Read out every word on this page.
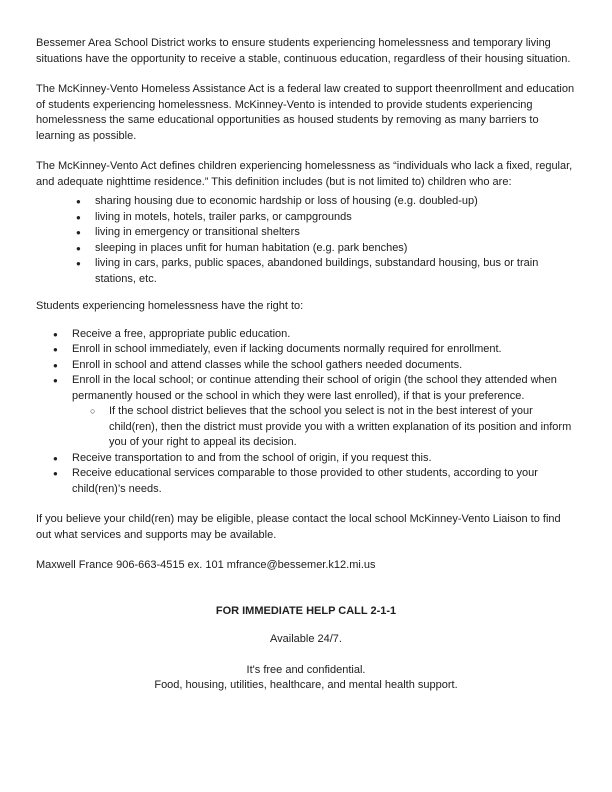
Bessemer Area School District works to ensure students experiencing homelessness and temporary living situations have the opportunity to receive a stable, continuous education, regardless of their housing situation.

The McKinney-Vento Homeless Assistance Act is a federal law created to support theenrollment and education of students experiencing homelessness. McKinney-Vento is intended to provide students experiencing homelessness the same educational opportunities as housed students by removing as many barriers to learning as possible.

The McKinney-Vento Act defines children experiencing homelessness as “individuals who lack a fixed, regular, and adequate nighttime residence.” This definition includes (but is not limited to) children who are:

● sharing housing due to economic hardship or loss of housing (e.g. doubled-up)
● living in motels, hotels, trailer parks, or campgrounds
● living in emergency or transitional shelters
● sleeping in places unfit for human habitation (e.g. park benches)
● living in cars, parks, public spaces, abandoned buildings, substandard housing, bus or train stations, etc.

Students experiencing homelessness have the right to:

● Receive a free, appropriate public education.
● Enroll in school immediately, even if lacking documents normally required for enrollment.
● Enroll in school and attend classes while the school gathers needed documents.
● Enroll in the local school; or continue attending their school of origin (the school they attended when permanently housed or the school in which they were last enrolled), if that is your preference.
○ If the school district believes that the school you select is not in the best interest of your child(ren), then the district must provide you with a written explanation of its position and inform you of your right to appeal its decision.
● Receive transportation to and from the school of origin, if you request this.
● Receive educational services comparable to those provided to other students, according to your child(ren)’s needs.

If you believe your child(ren) may be eligible, please contact the local school McKinney-Vento Liaison to find out what services and supports may be available.

Maxwell France 906-663-4515 ex. 101 mfrance@bessemer.k12.mi.us

FOR IMMEDIATE HELP CALL 2-1-1

Available 24/7.

It's free and confidential.

Food, housing, utilities, healthcare, and mental health support.
